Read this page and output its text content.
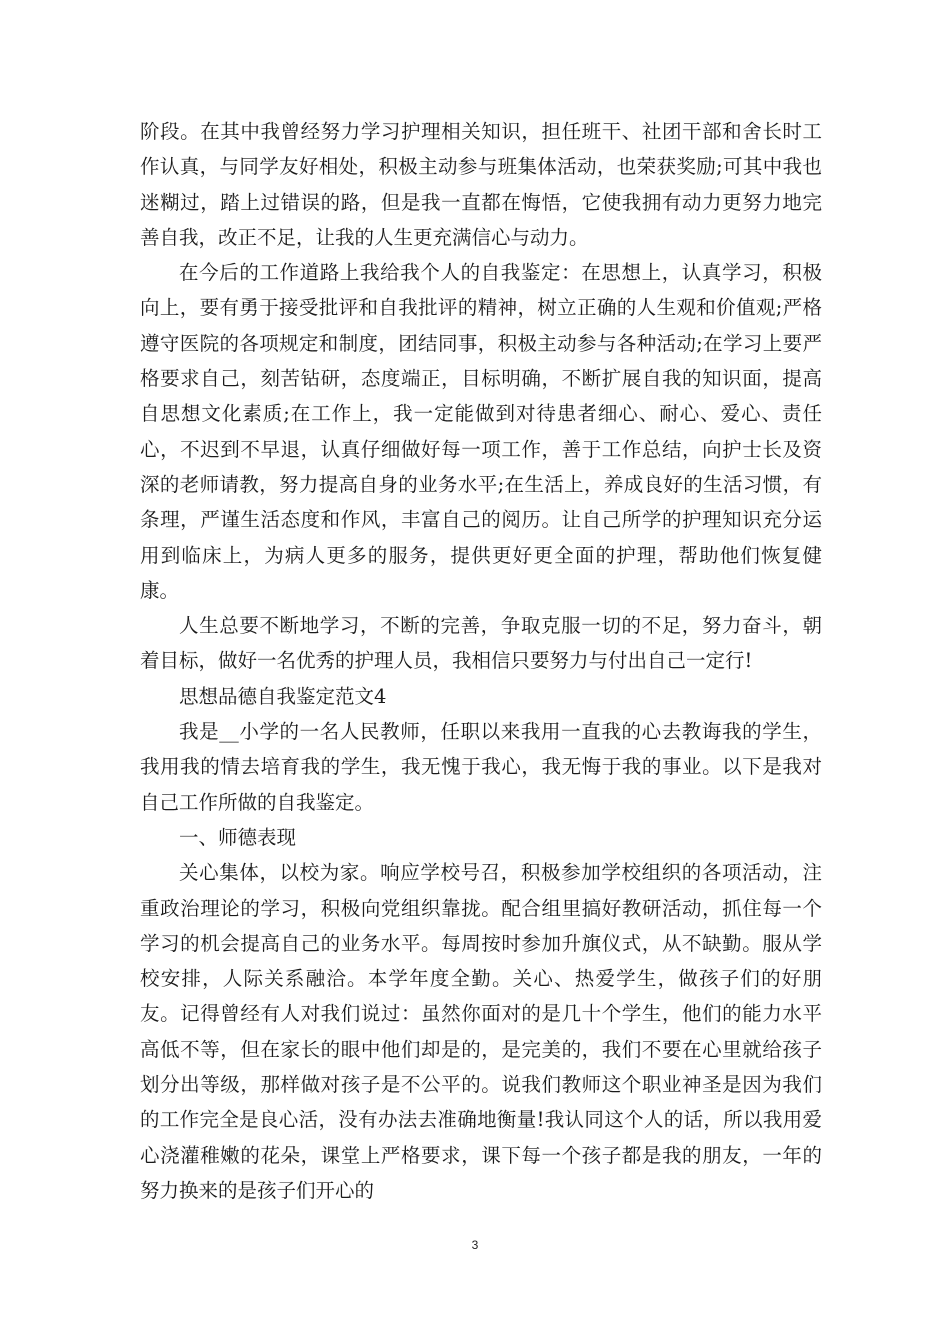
阶段。在其中我曾经努力学习护理相关知识，担任班干、社团干部和舍长时工作认真，与同学友好相处，积极主动参与班集体活动，也荣获奖励;可其中我也迷糊过，踏上过错误的路，但是我一直都在悔悟，它使我拥有动力更努力地完善自我，改正不足，让我的人生更充满信心与动力。

在今后的工作道路上我给我个人的自我鉴定：在思想上，认真学习，积极向上，要有勇于接受批评和自我批评的精神，树立正确的人生观和价值观;严格遵守医院的各项规定和制度，团结同事，积极主动参与各种活动;在学习上要严格要求自己，刻苦钻研，态度端正，目标明确，不断扩展自我的知识面，提高自思想文化素质;在工作上，我一定能做到对待患者细心、耐心、爱心、责任心，不迟到不早退，认真仔细做好每一项工作，善于工作总结，向护士长及资深的老师请教，努力提高自身的业务水平;在生活上，养成良好的生活习惯，有条理，严谨生活态度和作风，丰富自己的阅历。让自己所学的护理知识充分运用到临床上，为病人更多的服务，提供更好更全面的护理，帮助他们恢复健康。

人生总要不断地学习，不断的完善，争取克服一切的不足，努力奋斗，朝着目标，做好一名优秀的护理人员，我相信只要努力与付出自己一定行!

思想品德自我鉴定范文4

我是__小学的一名人民教师，任职以来我用一直我的心去教诲我的学生，我用我的情去培育我的学生，我无愧于我心，我无悔于我的事业。以下是我对自己工作所做的自我鉴定。

一、师德表现

关心集体，以校为家。响应学校号召，积极参加学校组织的各项活动，注重政治理论的学习，积极向党组织靠拢。配合组里搞好教研活动，抓住每一个学习的机会提高自己的业务水平。每周按时参加升旗仪式，从不缺勤。服从学校安排，人际关系融洽。本学年度全勤。关心、热爱学生，做孩子们的好朋友。记得曾经有人对我们说过：虽然你面对的是几十个学生，他们的能力水平高低不等，但在家长的眼中他们却是的，是完美的，我们不要在心里就给孩子划分出等级，那样做对孩子是不公平的。说我们教师这个职业神圣是因为我们的工作完全是良心活，没有办法去准确地衡量!我认同这个人的话，所以我用爱心浇灌稚嫩的花朵，课堂上严格要求，课下每一个孩子都是我的朋友，一年的努力换来的是孩子们开心的

3
